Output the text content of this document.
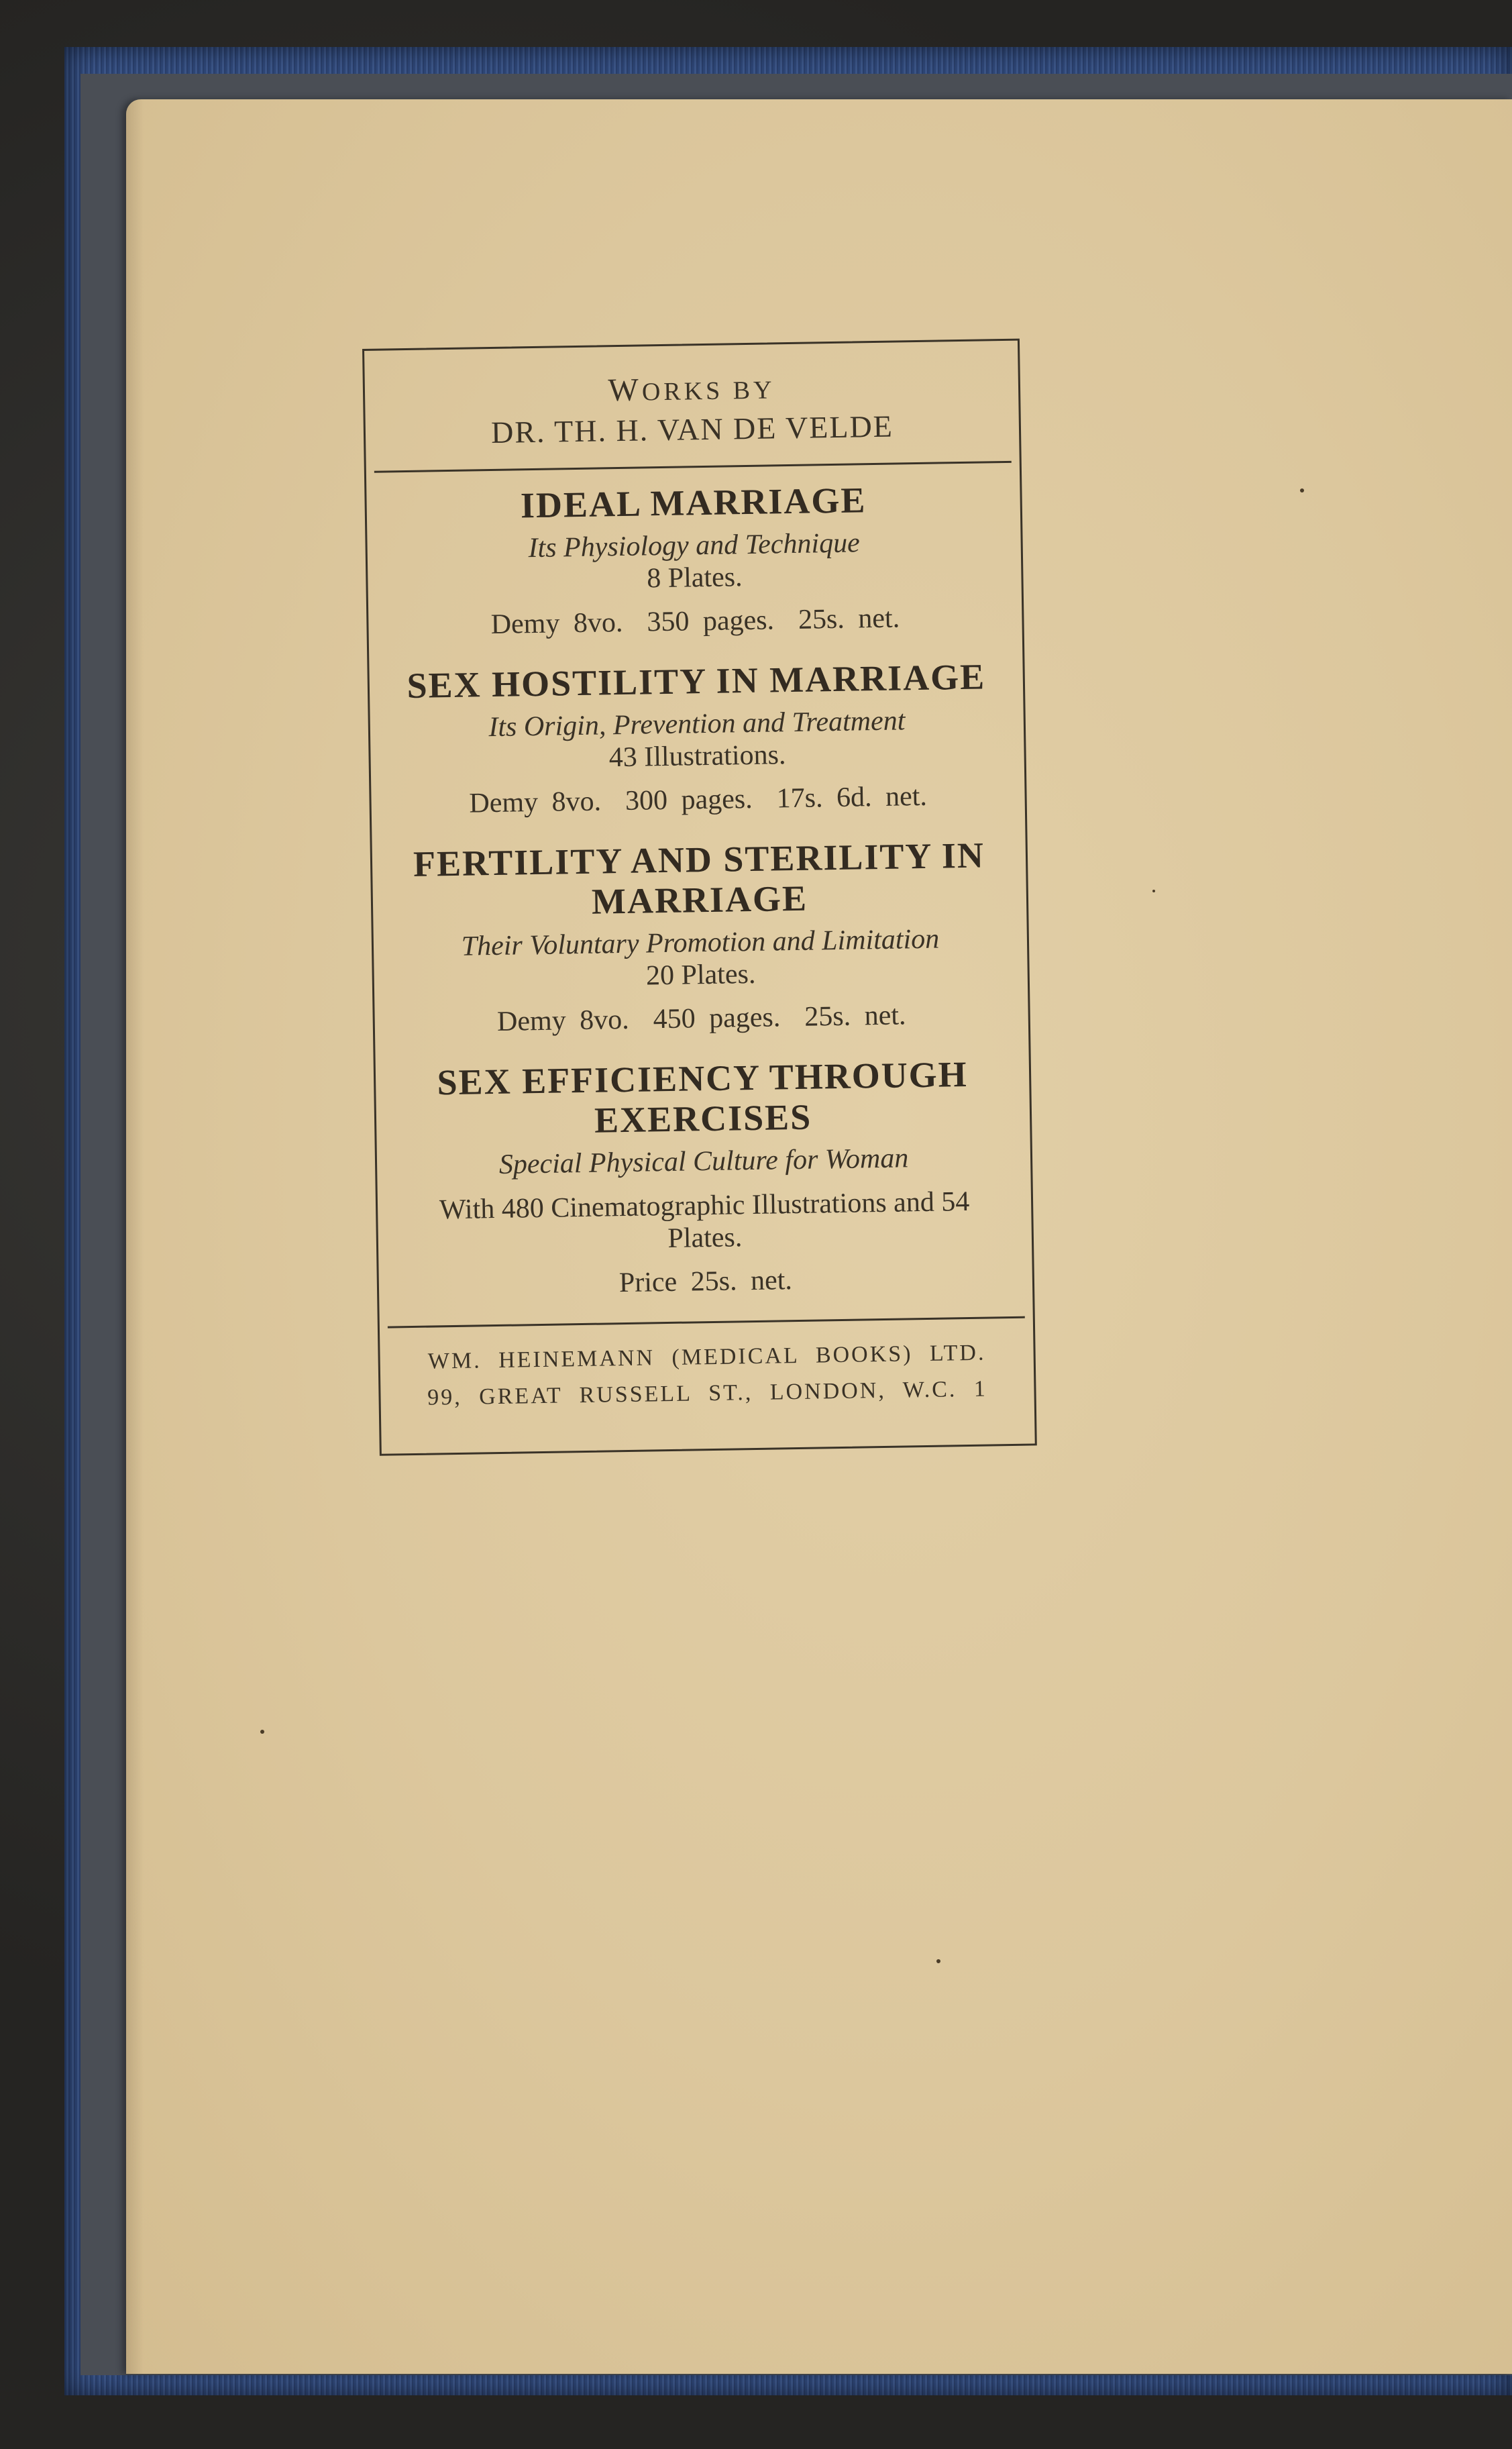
WORKS BY
DR. TH. H. VAN DE VELDE
IDEAL MARRIAGE
Its Physiology and Technique
8 Plates.
Demy 8vo. 350 pages. 25s. net.
SEX HOSTILITY IN MARRIAGE
Its Origin, Prevention and Treatment
43 Illustrations.
Demy 8vo. 300 pages. 17s. 6d. net.
FERTILITY AND STERILITY IN MARRIAGE
Their Voluntary Promotion and Limitation
20 Plates.
Demy 8vo. 450 pages. 25s. net.
SEX EFFICIENCY THROUGH EXERCISES
Special Physical Culture for Woman
With 480 Cinematographic Illustrations and 54 Plates.
Price 25s. net.
WM. HEINEMANN (MEDICAL BOOKS) LTD.
99, GREAT RUSSELL ST., LONDON, W.C. 1
